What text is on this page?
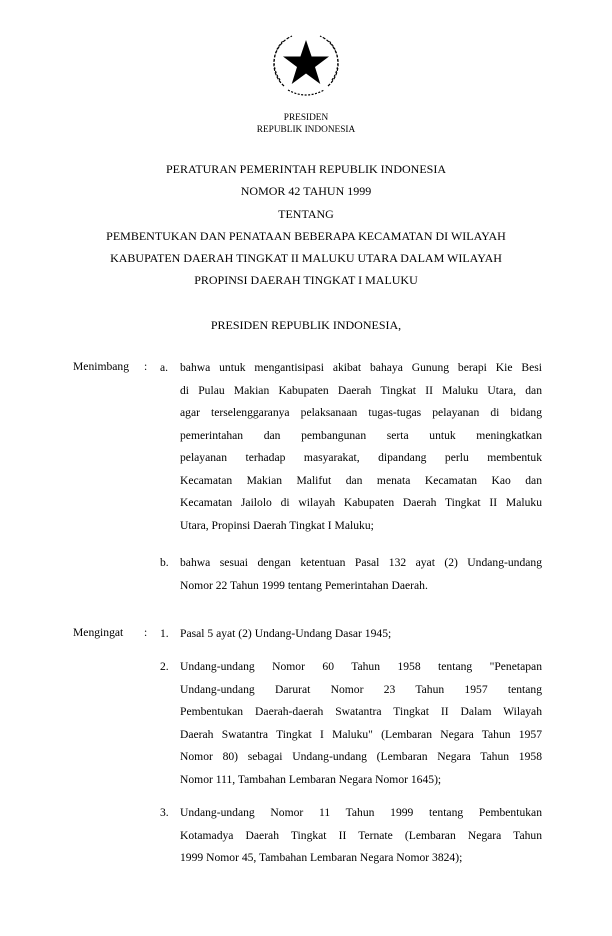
PRESIDEN
REPUBLIK INDONESIA
PERATURAN PEMERINTAH REPUBLIK INDONESIA
NOMOR 42 TAHUN 1999
TENTANG
PEMBENTUKAN DAN PENATAAN BEBERAPA KECAMATAN DI WILAYAH
KABUPATEN DAERAH TINGKAT II MALUKU UTARA DALAM WILAYAH
PROPINSI DAERAH TINGKAT I MALUKU
PRESIDEN REPUBLIK INDONESIA,
Menimbang : a. bahwa untuk mengantisipasi akibat bahaya Gunung berapi Kie Besi
di Pulau Makian Kabupaten Daerah Tingkat II Maluku Utara, dan
agar terselenggaranya pelaksanaan tugas-tugas pelayanan di bidang
pemerintahan dan pembangunan serta untuk meningkatkan
pelayanan terhadap masyarakat, dipandang perlu membentuk
Kecamatan Makian Malifut dan menata Kecamatan Kao dan
Kecamatan Jailolo di wilayah Kabupaten Daerah Tingkat II Maluku
Utara, Propinsi Daerah Tingkat I Maluku;
b. bahwa sesuai dengan ketentuan Pasal 132 ayat (2) Undang-undang
Nomor 22 Tahun 1999 tentang Pemerintahan Daerah.
Mengingat : 1. Pasal 5 ayat (2) Undang-Undang Dasar 1945;
2. Undang-undang Nomor 60 Tahun 1958 tentang "Penetapan
Undang-undang Darurat Nomor 23 Tahun 1957 tentang
Pembentukan Daerah-daerah Swatantra Tingkat II Dalam Wilayah
Daerah Swatantra Tingkat I Maluku" (Lembaran Negara Tahun 1957
Nomor 80) sebagai Undang-undang (Lembaran Negara Tahun 1958
Nomor 111, Tambahan Lembaran Negara Nomor 1645);
3. Undang-undang Nomor 11 Tahun 1999 tentang Pembentukan
Kotamadya Daerah Tingkat II Ternate (Lembaran Negara Tahun
1999 Nomor 45, Tambahan Lembaran Negara Nomor 3824);
